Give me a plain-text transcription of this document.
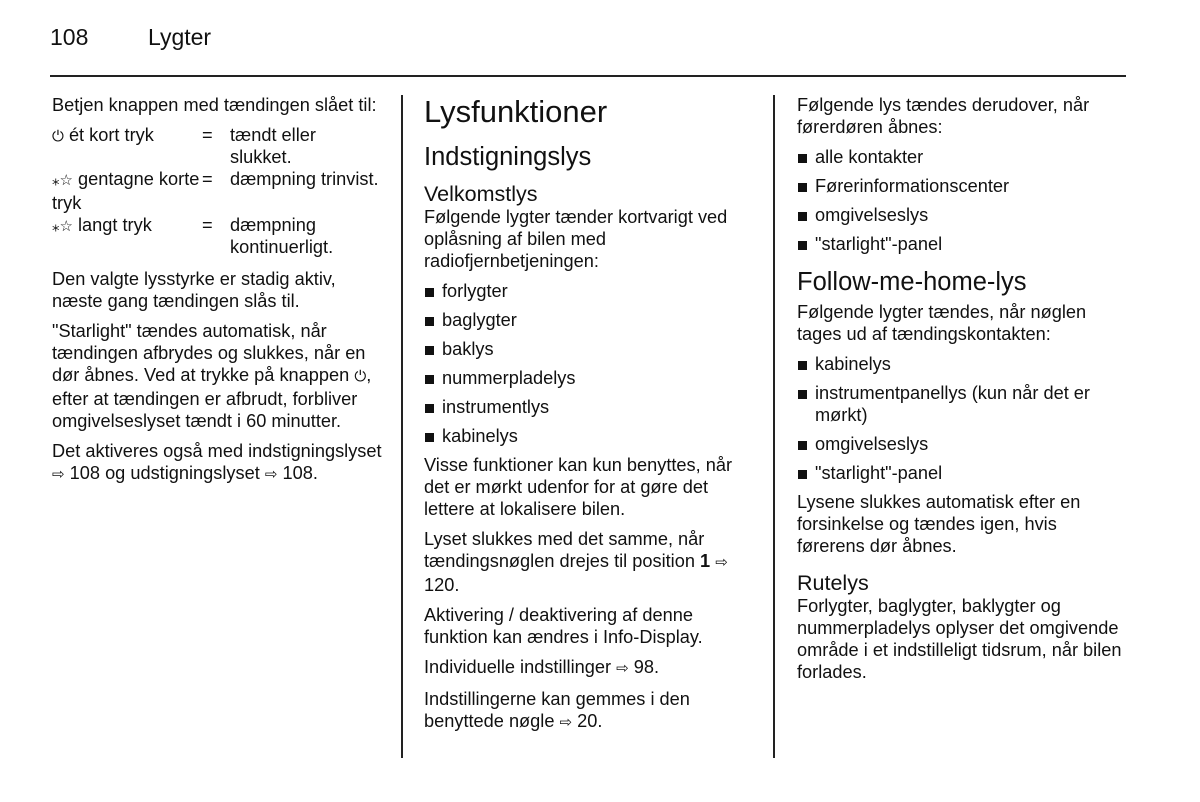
108	Lygter

Betjen knappen med tændingen slået til:

⏻ ét kort tryk	=	tændt eller slukket.
⁎☆ gentagne korte tryk	=	dæmpning trinvist.
⁎☆ langt tryk	=	dæmpning kontinuerligt.

Den valgte lysstyrke er stadig aktiv, næste gang tændingen slås til.

"Starlight" tændes automatisk, når tændingen afbrydes og slukkes, når en dør åbnes. Ved at trykke på knappen ⏻, efter at tændingen er afbrudt, forbliver omgivelseslyset tændt i 60 minutter.

Det aktiveres også med indstigningslyset ⇨ 108 og udstigningslyset ⇨ 108.

Lysfunktioner
Indstigningslys
Velkomstlys

Følgende lygter tænder kortvarigt ved oplåsning af bilen med radiofjernbetjeningen:

forlygter
baglygter
baklys
nummerpladelys
instrumentlys
kabinelys

Visse funktioner kan kun benyttes, når det er mørkt udenfor for at gøre det lettere at lokalisere bilen.

Lyset slukkes med det samme, når tændingsnøglen drejes til position 1 ⇨ 120.

Aktivering / deaktivering af denne funktion kan ændres i Info-Display.

Individuelle indstillinger ⇨ 98.

Indstillingerne kan gemmes i den benyttede nøgle ⇨ 20.

Følgende lys tændes derudover, når førerdøren åbnes:

alle kontakter
Førerinformationscenter
omgivelseslys
"starlight"-panel
Follow-me-home-lys

Følgende lygter tændes, når nøglen tages ud af tændingskontakten:

kabinelys
instrumentpanellys (kun når det er mørkt)
omgivelseslys
"starlight"-panel

Lysene slukkes automatisk efter en forsinkelse og tændes igen, hvis førerens dør åbnes.

Rutelys

Forlygter, baglygter, baklygter og nummerpladelys oplyser det omgivende område i et indstilleligt tidsrum, når bilen forlades.
